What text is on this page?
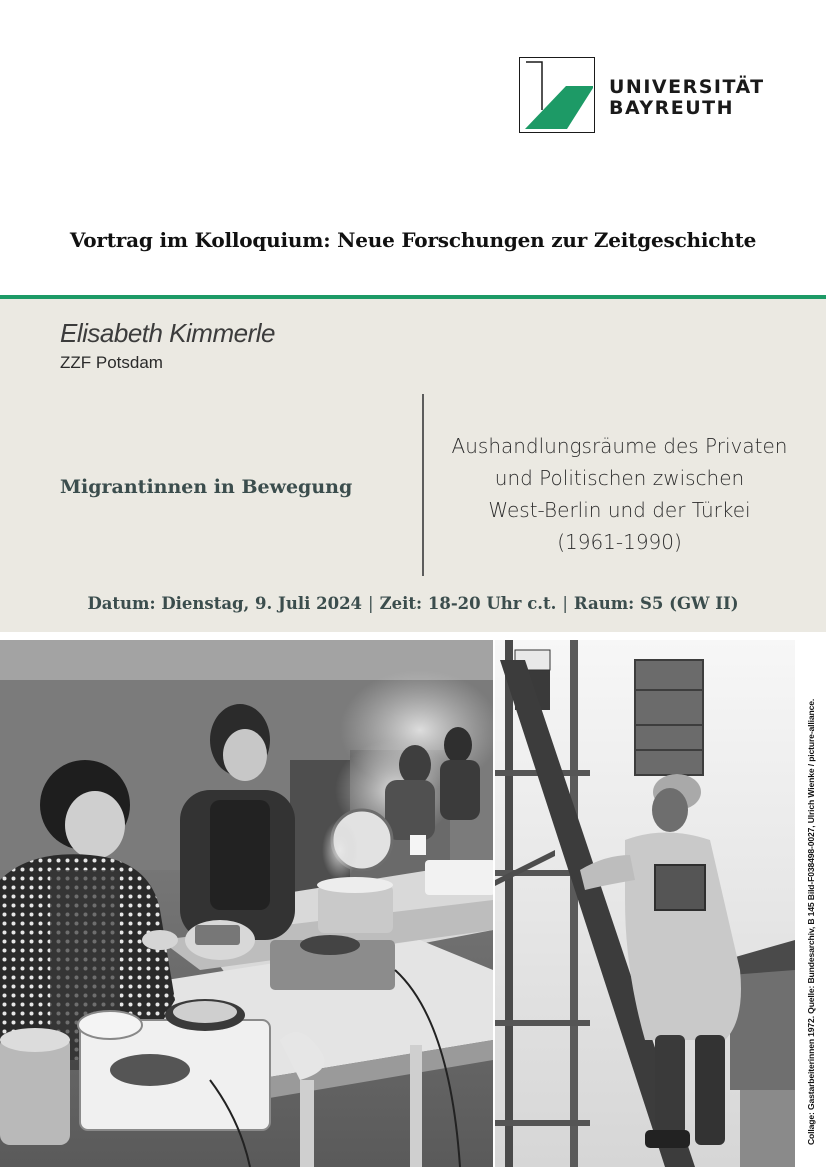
UNIVERSITÄT
BAYREUTH
Vortrag im Kolloquium: Neue Forschungen zur Zeitgeschichte
Elisabeth Kimmerle
ZZF Potsdam
Migrantinnen in Bewegung
Aushandlungsräume des Privaten
und Politischen zwischen
West-Berlin und der Türkei
(1961-1990)
Datum: Dienstag, 9. Juli 2024 | Zeit: 18-20 Uhr c.t. | Raum: S5 (GW II)
Collage: Gastarbeiterinnen 1972. Quelle: Bundesarchiv, B 145 Bild-F038498-0027, Ulrich Wienke / picture-alliance.
